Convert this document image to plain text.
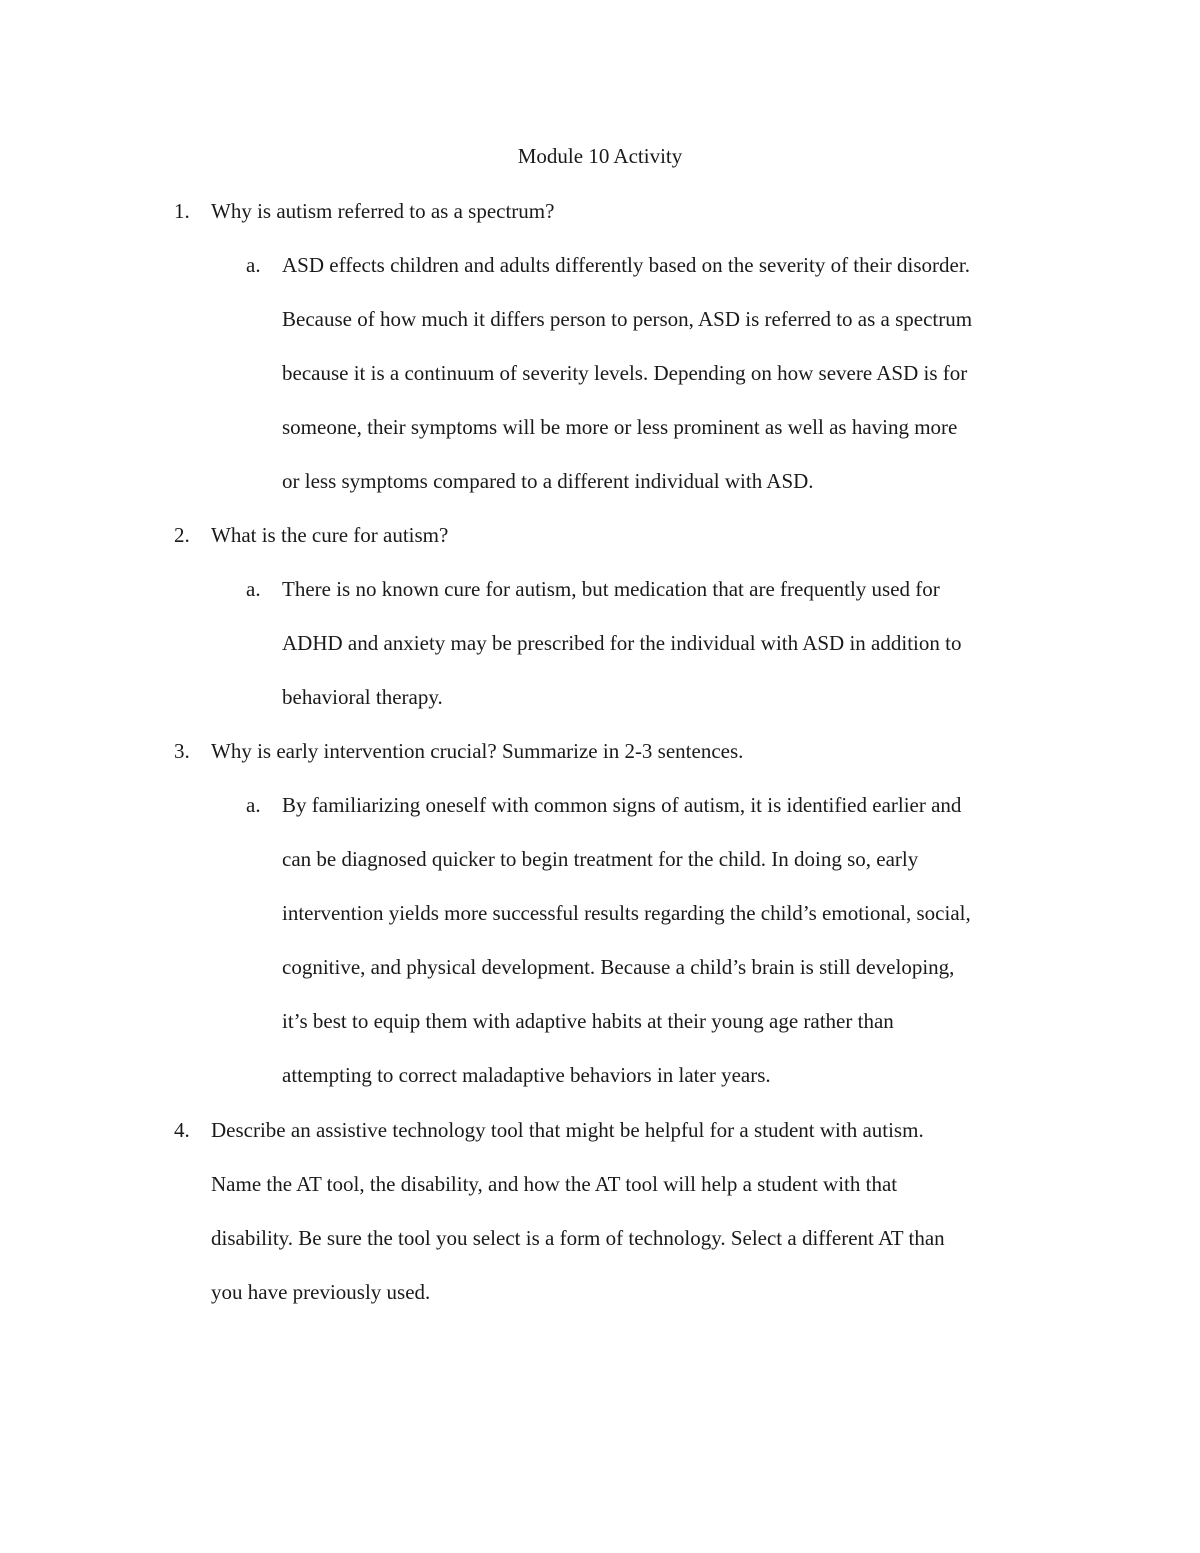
Module 10 Activity
1. Why is autism referred to as a spectrum?
a. ASD effects children and adults differently based on the severity of their disorder.
Because of how much it differs person to person, ASD is referred to as a spectrum
because it is a continuum of severity levels. Depending on how severe ASD is for
someone, their symptoms will be more or less prominent as well as having more
or less symptoms compared to a different individual with ASD.
2. What is the cure for autism?
a. There is no known cure for autism, but medication that are frequently used for
ADHD and anxiety may be prescribed for the individual with ASD in addition to
behavioral therapy.
3. Why is early intervention crucial? Summarize in 2-3 sentences.
a. By familiarizing oneself with common signs of autism, it is identified earlier and
can be diagnosed quicker to begin treatment for the child. In doing so, early
intervention yields more successful results regarding the child’s emotional, social,
cognitive, and physical development. Because a child’s brain is still developing,
it’s best to equip them with adaptive habits at their young age rather than
attempting to correct maladaptive behaviors in later years.
4. Describe an assistive technology tool that might be helpful for a student with autism.
Name the AT tool, the disability, and how the AT tool will help a student with that
disability. Be sure the tool you select is a form of technology. Select a different AT than
you have previously used.
